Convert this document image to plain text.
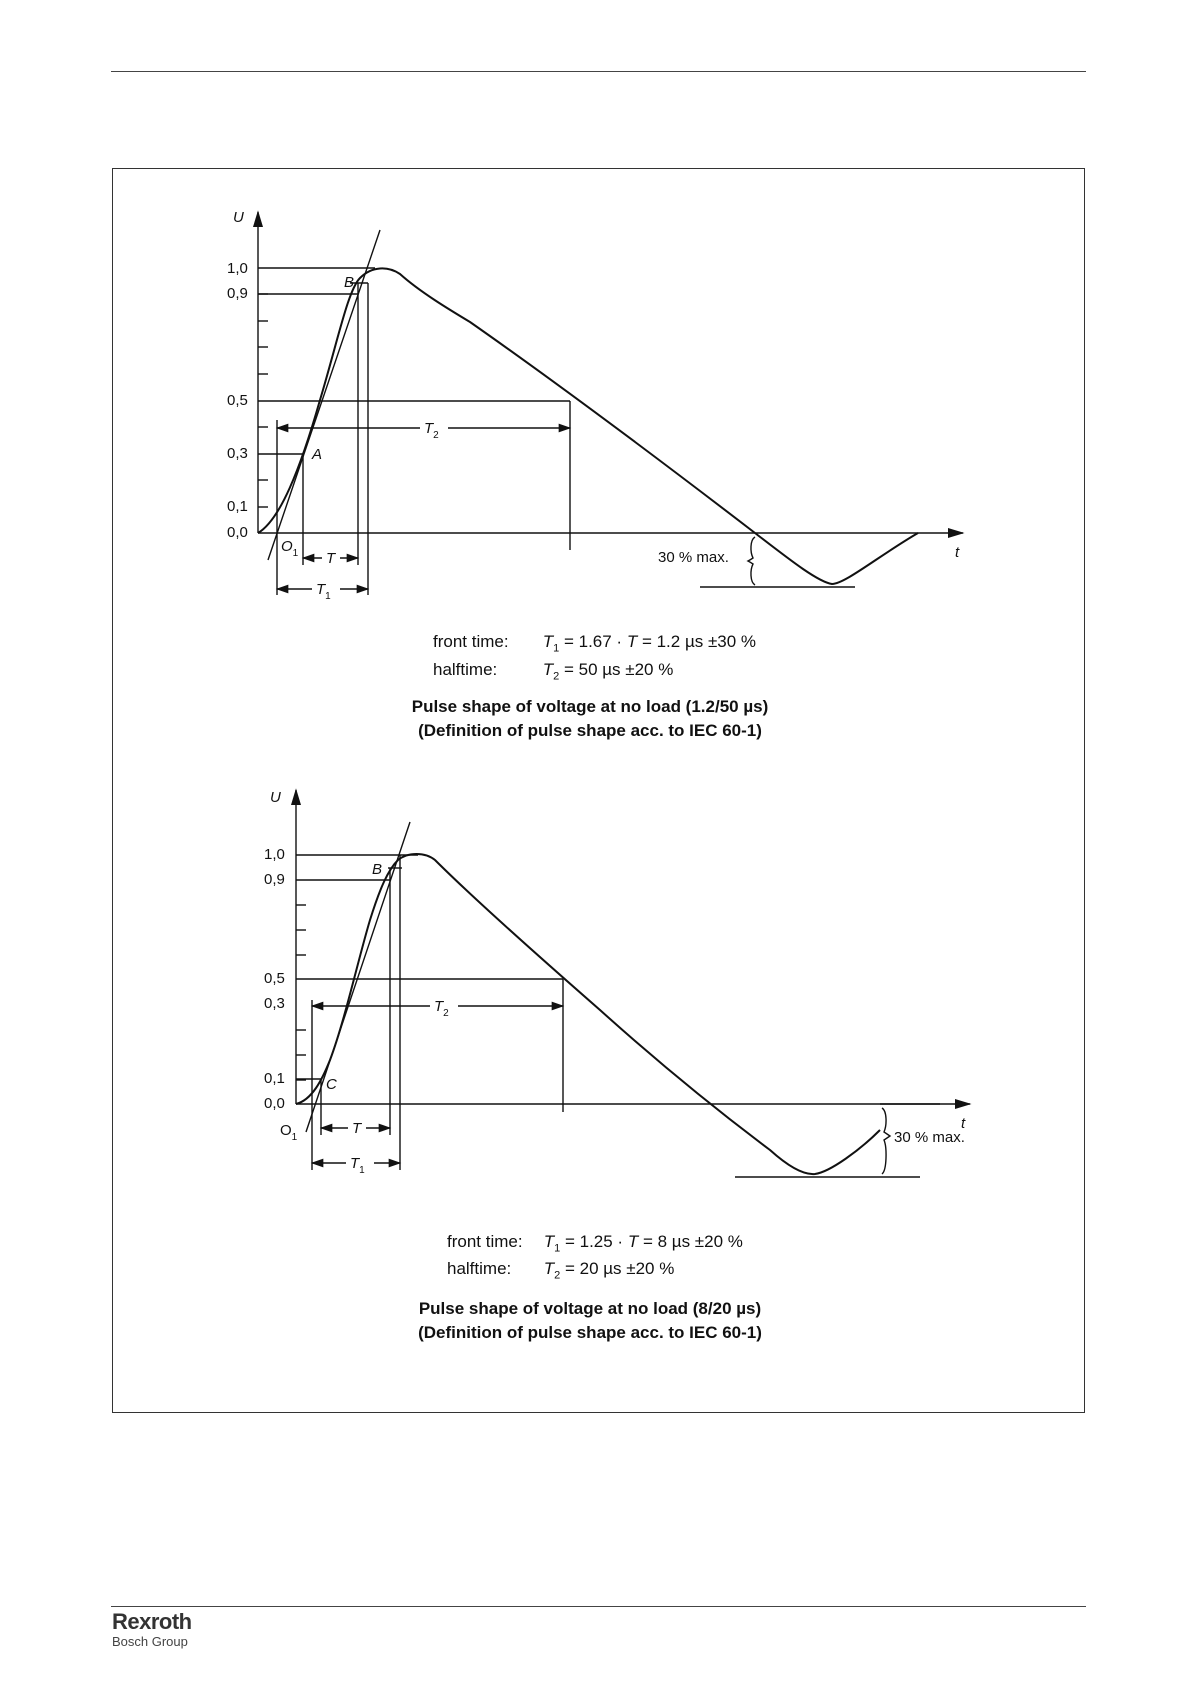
U
t
1,0
0,9
0,5
0,3
0,1
0,0
$T_2$
T
$T_1$
A
B
$O_1$	30 % max.
U
t
1,0
0,9
0,5
0,3
0,1
0,0
$T_2$
T
$T_1$
B
C
$O_1$	30 % max.
front time: $T_1 = 1.67 \cdot T = 1.2$ µs ±30 %
halftime:	$T_2 = 50$ µs ±20 %
Pulse shape of voltage at no load (1.2/50 µs)
(Definition of pulse shape acc. to IEC 60-1)
front time: $T_1 = 1.25 \cdot T = 8$ µs ±20 %
halftime: $T_2 = 20$ µs ±20 %
Pulse shape of voltage at no load (8/20 µs)
(Definition of pulse shape acc. to IEC 60-1)
Rexroth
Bosch Group
